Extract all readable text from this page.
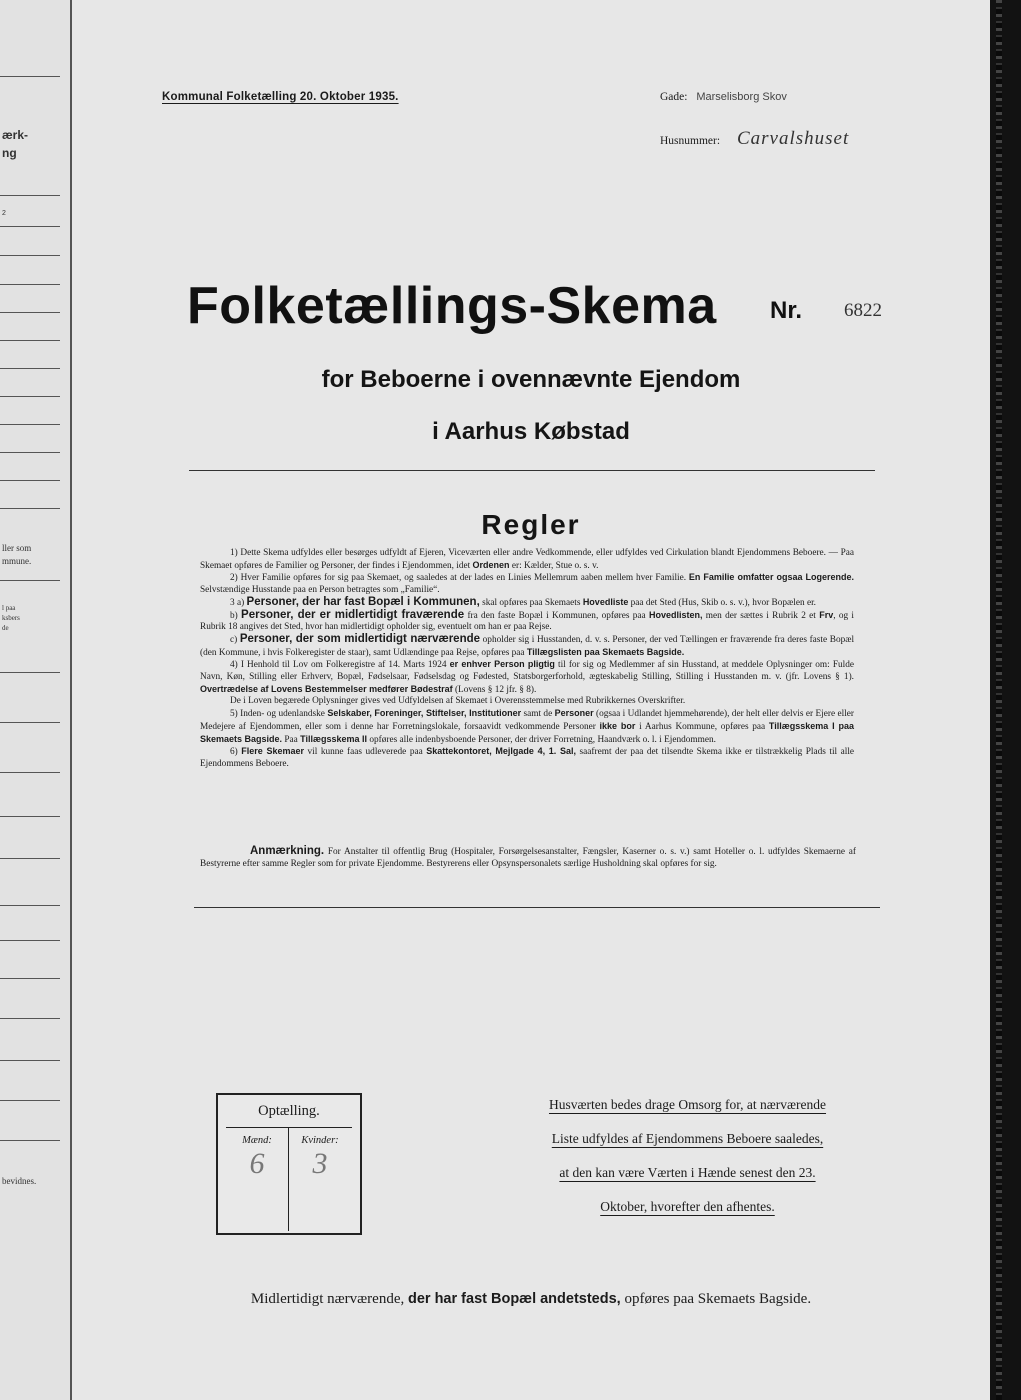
ærk-
ng
2
ller som
mmune.
l paa
ksbers
de
bevidnes.
Kommunal Folketælling 20. Oktober 1935.	Gade: Marselisborg Skov
Husnummer: Carvalshuset
Folketællings-Skema Nr. 6822
for Beboerne i ovennævnte Ejendom
i Aarhus Købstad
Regler

1) Dette Skema udfyldes eller besørges udfyldt af Ejeren, Viceværten eller andre Vedkommende, eller udfyldes ved Cirkulation blandt Ejendommens Beboere. — Paa Skemaet opføres de Familier og Personer, der findes i Ejendommen, idet Ordenen er: Kælder, Stue o. s. v.

2) Hver Familie opføres for sig paa Skemaet, og saaledes at der lades en Linies Mellemrum aaben mellem hver Familie. En Familie omfatter ogsaa Logerende. Selvstændige Husstande paa en Person betragtes som „Familie“.

3 a) Personer, der har fast Bopæl i Kommunen, skal opføres paa Skemaets Hovedliste paa det Sted (Hus, Skib o. s. v.), hvor Bopælen er.

b) Personer, der er midlertidigt fraværende fra den faste Bopæl i Kommunen, opføres paa Hovedlisten, men der sættes i Rubrik 2 et Frv, og i Rubrik 18 angives det Sted, hvor han midlertidigt opholder sig, eventuelt om han er paa Rejse.

c) Personer, der som midlertidigt nærværende opholder sig i Husstanden, d. v. s. Personer, der ved Tællingen er fraværende fra deres faste Bopæl (den Kommune, i hvis Folkeregister de staar), samt Udlændinge paa Rejse, opføres paa Tillægslisten paa Skemaets Bagside.

4) I Henhold til Lov om Folkeregistre af 14. Marts 1924 er enhver Person pligtig til for sig og Medlemmer af sin Husstand, at meddele Oplysninger om: Fulde Navn, Køn, Stilling eller Erhverv, Bopæl, Fødselsaar, Fødselsdag og Fødested, Statsborgerforhold, ægteskabelig Stilling, Stilling i Husstanden m. v. (jfr. Lovens § 1). Overtrædelse af Lovens Bestemmelser medfører Bødestraf (Lovens § 12 jfr. § 8).

De i Loven begærede Oplysninger gives ved Udfyldelsen af Skemaet i Overensstemmelse med Rubrikkernes Overskrifter.

5) Inden- og udenlandske Selskaber, Foreninger, Stiftelser, Institutioner samt de Personer (ogsaa i Udlandet hjemmehørende), der helt eller delvis er Ejere eller Medejere af Ejendommen, eller som i denne har Forretningslokale, forsaavidt vedkommende Personer ikke bor i Aarhus Kommune, opføres paa Tillægsskema I paa Skemaets Bagside. Paa Tillægsskema II opføres alle indenbysboende Personer, der driver Forretning, Haandværk o. l. i Ejendommen.

6) Flere Skemaer vil kunne faas udleverede paa Skattekontoret, Mejlgade 4, 1. Sal, saafremt der paa det tilsendte Skema ikke er tilstrækkelig Plads til alle Ejendommens Beboere.

Anmærkning. For Anstalter til offentlig Brug (Hospitaler, Forsørgelsesanstalter, Fængsler, Kaserner o. s. v.) samt Hoteller o. l. udfyldes Skemaerne af Bestyrerne efter samme Regler som for private Ejendomme. Bestyrerens eller Opsynspersonalets særlige Husholdning skal opføres for sig.
Optælling.
Mænd:
6
Kvinder:
3
Husværten bedes drage Omsorg for, at nærværende
Liste udfyldes af Ejendommens Beboere saaledes,
at den kan være Værten i Hænde senest den 23.
Oktober, hvorefter den afhentes.
Midlertidigt nærværende, der har fast Bopæl andetsteds, opføres paa Skemaets Bagside.
